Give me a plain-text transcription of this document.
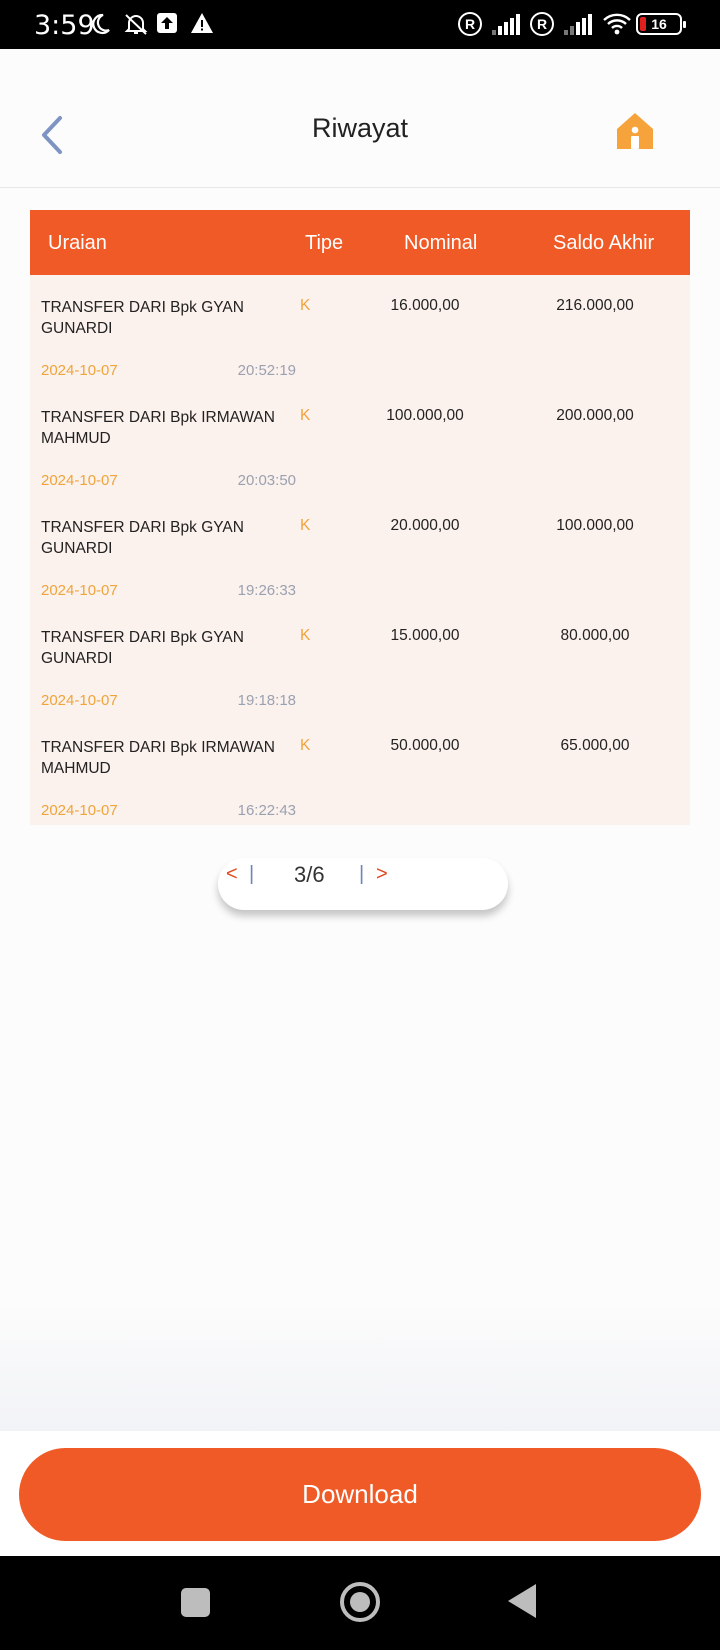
3:59	R	R	16
Riwayat
Uraian	Tipe	Nominal	Saldo Akhir
TRANSFER DARI Bpk GYAN GUNARDI
K	16.000,00	216.000,00
2024-10-07	20:52:19
TRANSFER DARI Bpk IRMAWAN MAHMUD
K	100.000,00	200.000,00
2024-10-07	20:03:50
TRANSFER DARI Bpk GYAN GUNARDI
K	20.000,00	100.000,00
2024-10-07	19:26:33
TRANSFER DARI Bpk GYAN GUNARDI
K	15.000,00	80.000,00
2024-10-07	19:18:18
TRANSFER DARI Bpk IRMAWAN MAHMUD
K	50.000,00	65.000,00
2024-10-07	16:22:43
< | 3/6 | >
Download
